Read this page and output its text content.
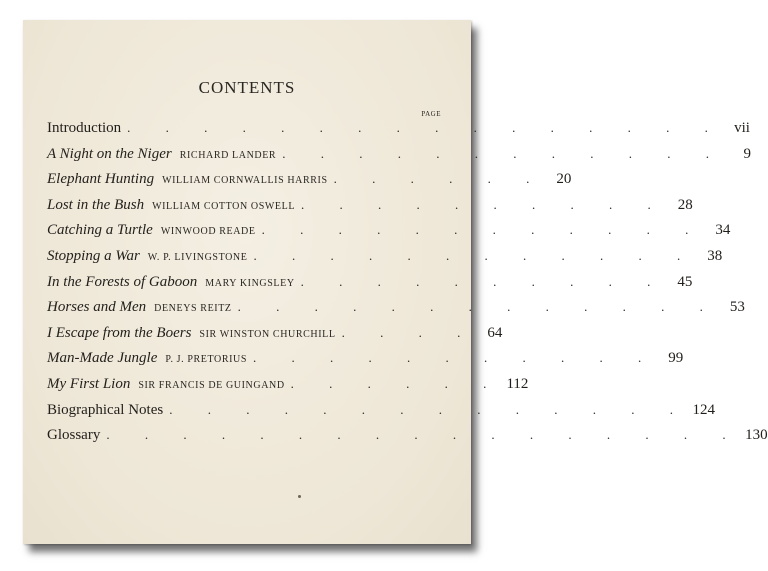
CONTENTS
PAGE
Introduction . . . . . . . . . . . . . . . . vii
A Night on the Niger RICHARD LANDER . . . . . . . . . . . .	9
Elephant Hunting WILLIAM CORNWALLIS HARRIS . . . . . . 20
Lost in the Bush WILLIAM COTTON OSWELL . . . . . . . . . . 28
Catching a Turtle WINWOOD READE . . . . . . . . . . . . 34
Stopping a War W. P. LIVINGSTONE . . . . . . . . . . . . 38
In the Forests of Gaboon MARY KINGSLEY . . . . . . . . . . 45
Horses and Men DENEYS REITZ . . . . . . . . . . . . . 53
I Escape from the Boers SIR WINSTON CHURCHILL . . . . 64
Man-Made Jungle P. J. PRETORIUS . . . . . . . . . . . 99
My First Lion SIR FRANCIS DE GUINGAND . . . . . . 112
Biographical Notes . . . . . . . . . . . . . . 124
Glossary . . . . . . . . . . . . . . . . . 130
